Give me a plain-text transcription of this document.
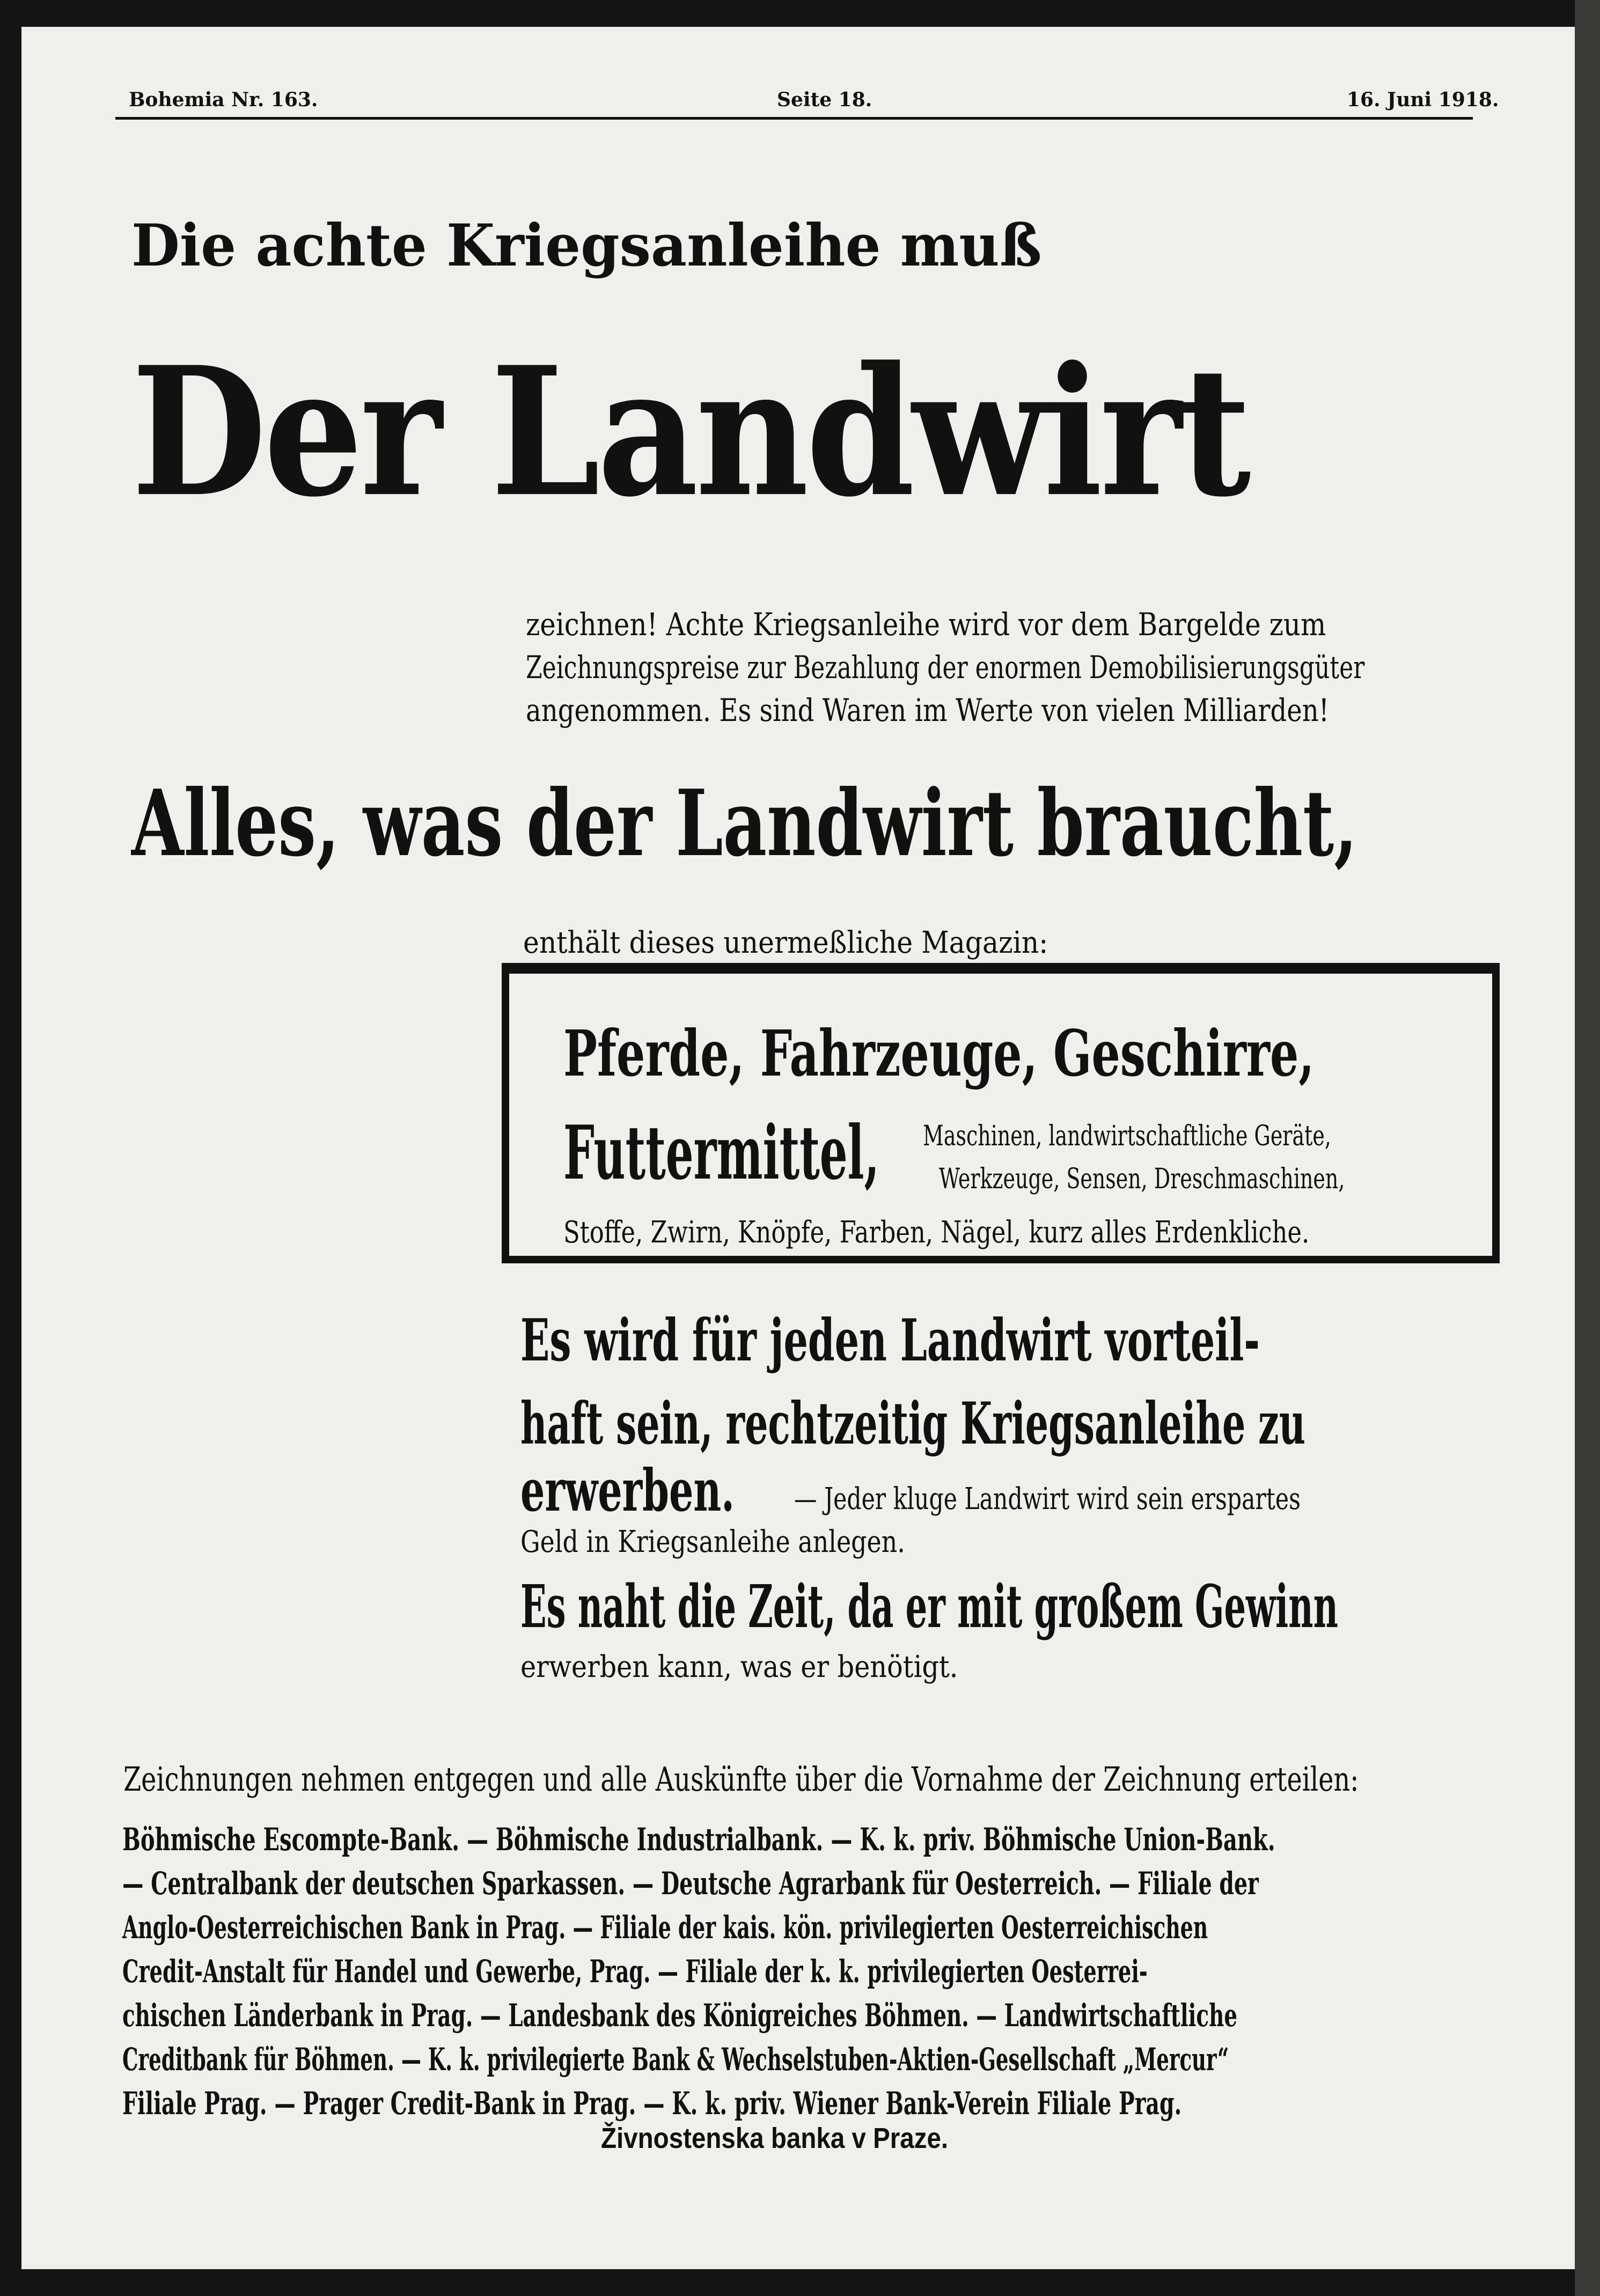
Bohemia Nr. 163.	Seite 18.	16. Juni 1918.
Die achte Kriegsanleihe muß
Der Landwirt
zeichnen! Achte Kriegsanleihe wird vor dem Bargelde zum
Zeichnungspreise zur Bezahlung der enormen Demobilisierungsgüter
angenommen. Es sind Waren im Werte von vielen Milliarden!
Alles, was der Landwirt braucht,
enthält dieses unermeßliche Magazin:
Pferde, Fahrzeuge, Geschirre,
Futtermittel, Maschinen, landwirtschaftliche Geräte,
Werkzeuge, Sensen, Dreschmaschinen,
Stoffe, Zwirn, Knöpfe, Farben, Nägel, kurz alles Erdenkliche.
Es wird für jeden Landwirt vorteil-
haft sein, rechtzeitig Kriegsanleihe zu
erwerben. — Jeder kluge Landwirt wird sein erspartes
Geld in Kriegsanleihe anlegen.
Es naht die Zeit, da er mit großem Gewinn
erwerben kann, was er benötigt.
Zeichnungen nehmen entgegen und alle Auskünfte über die Vornahme der Zeichnung erteilen:
Böhmische Escompte-Bank. — Böhmische Industrialbank. — K. k. priv. Böhmische Union-Bank.
— Centralbank der deutschen Sparkassen. — Deutsche Agrarbank für Oesterreich. — Filiale der
Anglo-Oesterreichischen Bank in Prag. — Filiale der kais. kön. privilegierten Oesterreichischen
Credit-Anstalt für Handel und Gewerbe, Prag. — Filiale der k. k. privilegierten Oesterrei-
chischen Länderbank in Prag. — Landesbank des Königreiches Böhmen. — Landwirtschaftliche
Creditbank für Böhmen. — K. k. privilegierte Bank & Wechselstuben-Aktien-Gesellschaft „Mercur“
Filiale Prag. — Prager Credit-Bank in Prag. — K. k. priv. Wiener Bank-Verein Filiale Prag.
Živnostenska banka v Praze.
